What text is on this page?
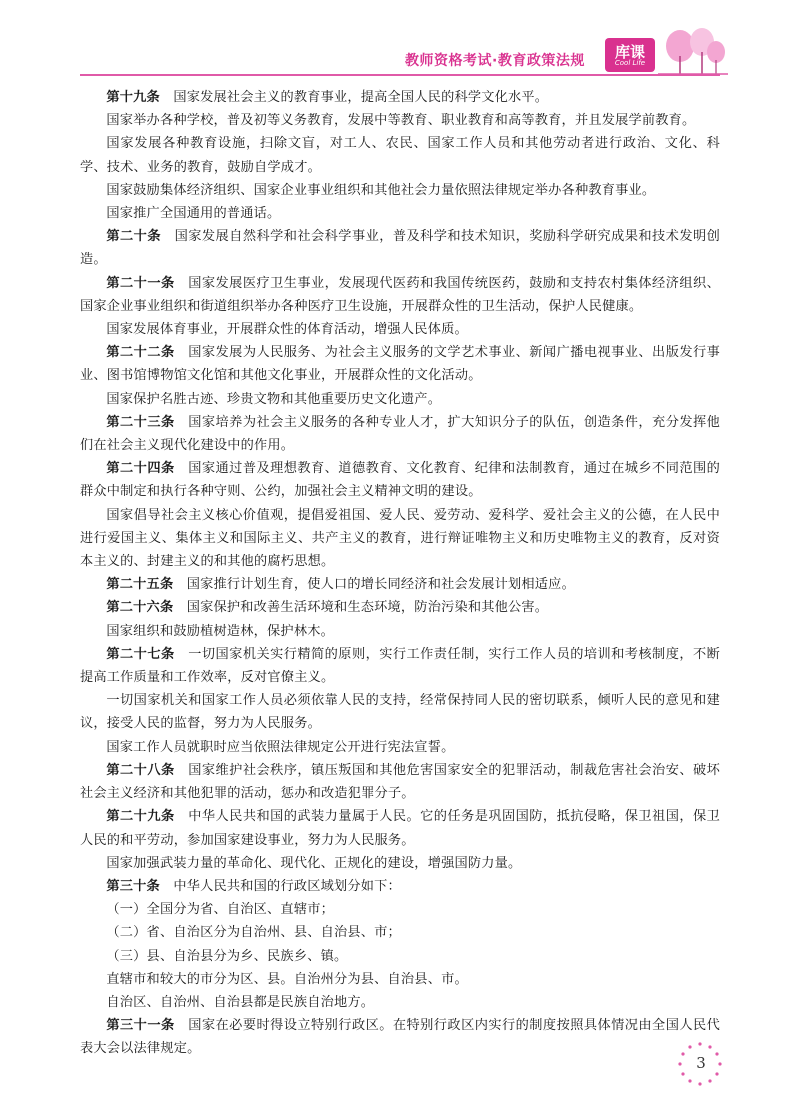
教师资格考试·教育政策法规	库课
Cool Life

第十九条　国家发展社会主义的教育事业，提高全国人民的科学文化水平。

国家举办各种学校，普及初等义务教育，发展中等教育、职业教育和高等教育，并且发展学前教育。

国家发展各种教育设施，扫除文盲，对工人、农民、国家工作人员和其他劳动者进行政治、文化、科学、技术、业务的教育，鼓励自学成才。

国家鼓励集体经济组织、国家企业事业组织和其他社会力量依照法律规定举办各种教育事业。

国家推广全国通用的普通话。

第二十条　国家发展自然科学和社会科学事业，普及科学和技术知识，奖励科学研究成果和技术发明创造。

第二十一条　国家发展医疗卫生事业，发展现代医药和我国传统医药，鼓励和支持农村集体经济组织、国家企业事业组织和街道组织举办各种医疗卫生设施，开展群众性的卫生活动，保护人民健康。

国家发展体育事业，开展群众性的体育活动，增强人民体质。

第二十二条　国家发展为人民服务、为社会主义服务的文学艺术事业、新闻广播电视事业、出版发行事业、图书馆博物馆文化馆和其他文化事业，开展群众性的文化活动。

国家保护名胜古迹、珍贵文物和其他重要历史文化遗产。

第二十三条　国家培养为社会主义服务的各种专业人才，扩大知识分子的队伍，创造条件，充分发挥他们在社会主义现代化建设中的作用。

第二十四条　国家通过普及理想教育、道德教育、文化教育、纪律和法制教育，通过在城乡不同范围的群众中制定和执行各种守则、公约，加强社会主义精神文明的建设。

国家倡导社会主义核心价值观，提倡爱祖国、爱人民、爱劳动、爱科学、爱社会主义的公德，在人民中进行爱国主义、集体主义和国际主义、共产主义的教育，进行辩证唯物主义和历史唯物主义的教育，反对资本主义的、封建主义的和其他的腐朽思想。

第二十五条　国家推行计划生育，使人口的增长同经济和社会发展计划相适应。

第二十六条　国家保护和改善生活环境和生态环境，防治污染和其他公害。

国家组织和鼓励植树造林，保护林木。

第二十七条　一切国家机关实行精简的原则，实行工作责任制，实行工作人员的培训和考核制度，不断提高工作质量和工作效率，反对官僚主义。

一切国家机关和国家工作人员必须依靠人民的支持，经常保持同人民的密切联系，倾听人民的意见和建议，接受人民的监督，努力为人民服务。

国家工作人员就职时应当依照法律规定公开进行宪法宣誓。

第二十八条　国家维护社会秩序，镇压叛国和其他危害国家安全的犯罪活动，制裁危害社会治安、破坏社会主义经济和其他犯罪的活动，惩办和改造犯罪分子。

第二十九条　中华人民共和国的武装力量属于人民。它的任务是巩固国防，抵抗侵略，保卫祖国，保卫人民的和平劳动，参加国家建设事业，努力为人民服务。

国家加强武装力量的革命化、现代化、正规化的建设，增强国防力量。

第三十条　中华人民共和国的行政区域划分如下：

（一）全国分为省、自治区、直辖市；

（二）省、自治区分为自治州、县、自治县、市；

（三）县、自治县分为乡、民族乡、镇。

直辖市和较大的市分为区、县。自治州分为县、自治县、市。

自治区、自治州、自治县都是民族自治地方。

第三十一条　国家在必要时得设立特别行政区。在特别行政区内实行的制度按照具体情况由全国人民代表大会以法律规定。

3
